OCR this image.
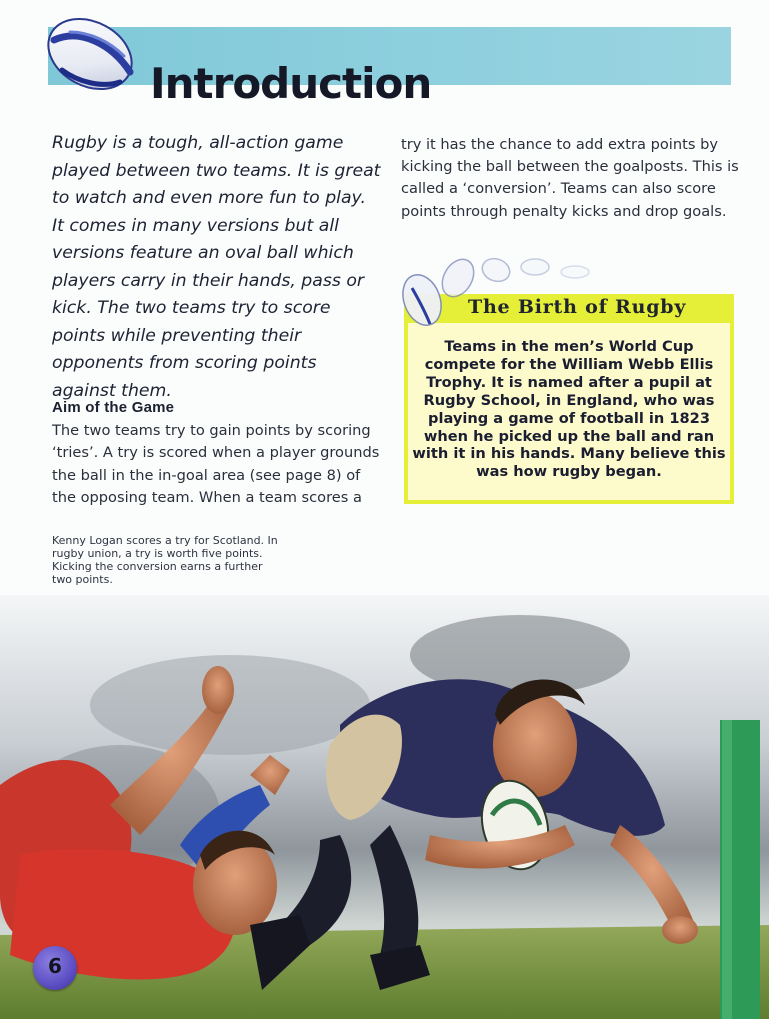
Introduction

Rugby is a tough, all-action game played between two teams. It is great to watch and even more fun to play. It comes in many versions but all versions feature an oval ball which players carry in their hands, pass or kick. The two teams try to score points while preventing their opponents from scoring points against them.

try it has the chance to add extra points by kicking the ball between the goalposts. This is called a ‘conversion’. Teams can also score points through penalty kicks and drop goals.

Aim of the Game

The two teams try to gain points by scoring ‘tries’. A try is scored when a player grounds the ball in the in-goal area (see page 8) of the opposing team. When a team scores a

Kenny Logan scores a try for Scotland. In rugby union, a try is worth five points. Kicking the conversion earns a further two points.

The Birth of Rugby

Teams in the men’s World Cup compete for the William Webb Ellis Trophy. It is named after a pupil at Rugby School, in England, who was playing a game of football in 1823 when he picked up the ball and ran with it in his hands. Many believe this was how rugby began.

6
